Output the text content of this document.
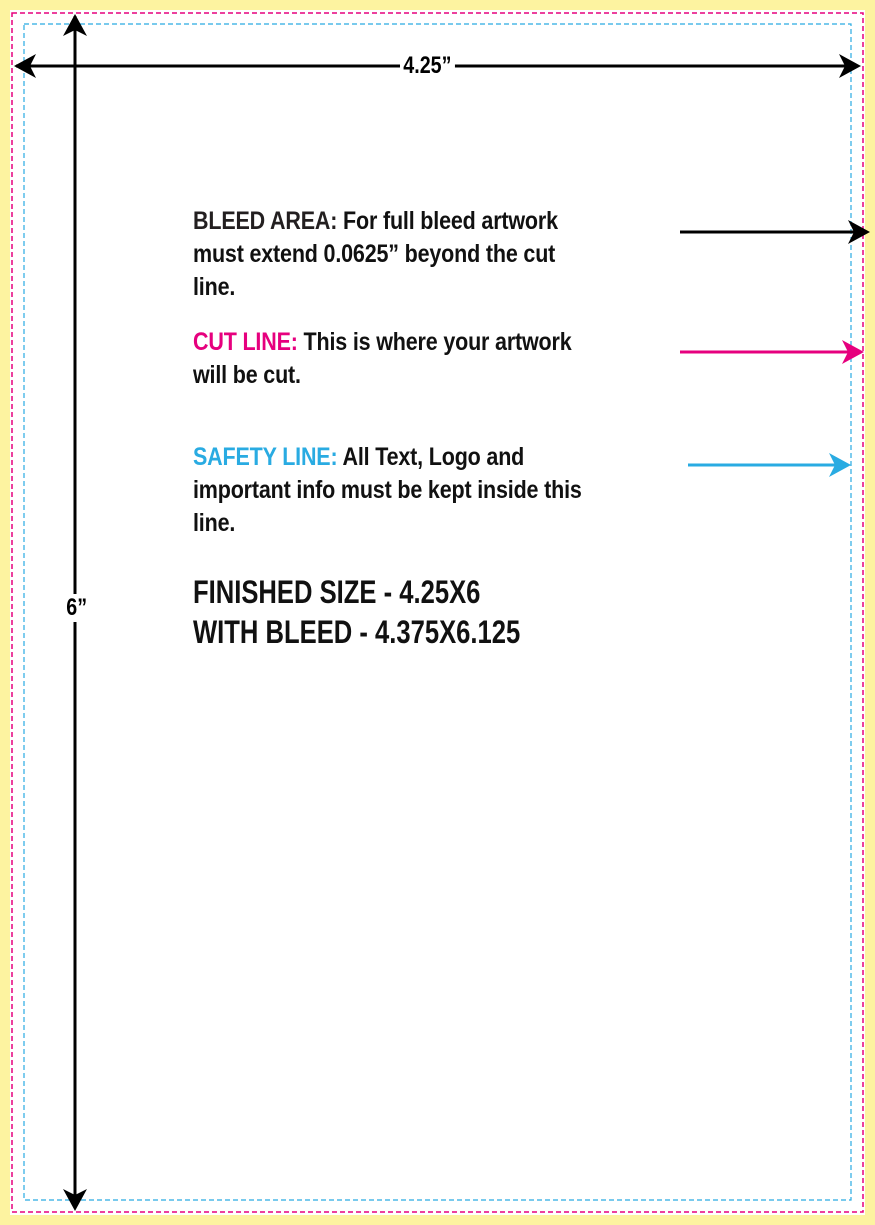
4.25”
6”
BLEED AREA: For full bleed artwork must extend 0.0625” beyond the cut line.
CUT LINE: This is where your artwork will be cut.
SAFETY LINE: All Text, Logo and important info must be kept inside this line.
FINISHED SIZE - 4.25X6
WITH BLEED - 4.375X6.125
